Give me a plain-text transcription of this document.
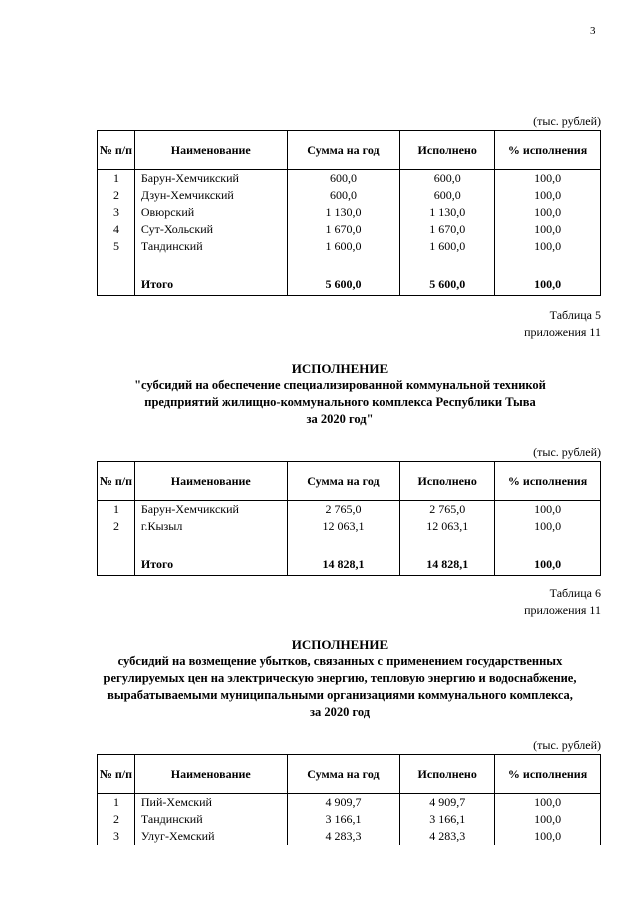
3
(тыс. рублей)
№ п/п	Наименование	Сумма на год	Исполнено	% исполнения
1	Барун-Хемчикский	600,0	600,0	100,0
2	Дзун-Хемчикский	600,0	600,0	100,0
3	Овюрский	1 130,0	1 130,0	100,0
4	Сут-Хольский	1 670,0	1 670,0	100,0
5	Тандинский	1 600,0	1 600,0	100,0

	Итого	5 600,0	5 600,0	100,0
Таблица 5
приложения 11
ИСПОЛНЕНИЕ
"субсидий на обеспечение специализированной коммунальной техникой
предприятий жилищно-коммунального комплекса Республики Тыва
за 2020 год"
(тыс. рублей)
№ п/п	Наименование	Сумма на год	Исполнено	% исполнения
1	Барун-Хемчикский	2 765,0	2 765,0	100,0
2	г.Кызыл	12 063,1	12 063,1	100,0

	Итого	14 828,1	14 828,1	100,0
Таблица 6
приложения 11
ИСПОЛНЕНИЕ
субсидий на возмещение убытков, связанных с применением государственных
регулируемых цен на электрическую энергию, тепловую энергию и водоснабжение,
вырабатываемыми муниципальными организациями коммунального комплекса,
за 2020 год
(тыс. рублей)
№ п/п	Наименование	Сумма на год	Исполнено	% исполнения
1	Пий-Хемский	4 909,7	4 909,7	100,0
2	Тандинский	3 166,1	3 166,1	100,0
3	Улуг-Хемский	4 283,3	4 283,3	100,0
